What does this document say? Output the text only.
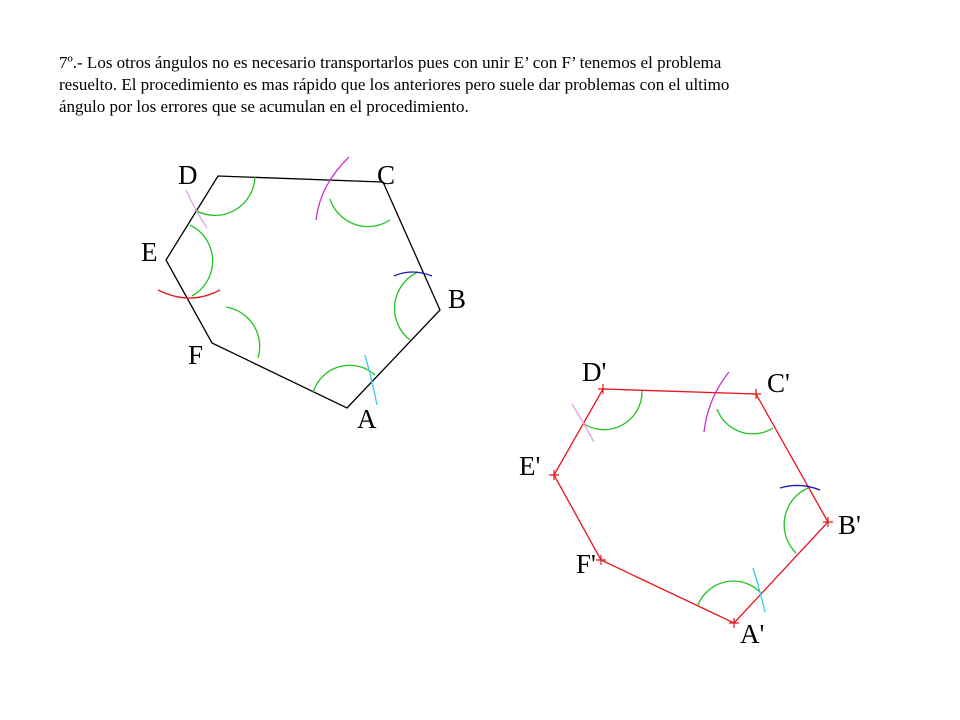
7º.- Los otros ángulos no es necesario transportarlos pues con unir E’ con F’ tenemos el problema

resuelto. El procedimiento es mas rápido que los anteriores pero suele dar problemas con el ultimo

ángulo por los errores que se acumulan en el procedimiento.

A
B
C
D
E
F
A'
B'
C'
D'
E'
F'
